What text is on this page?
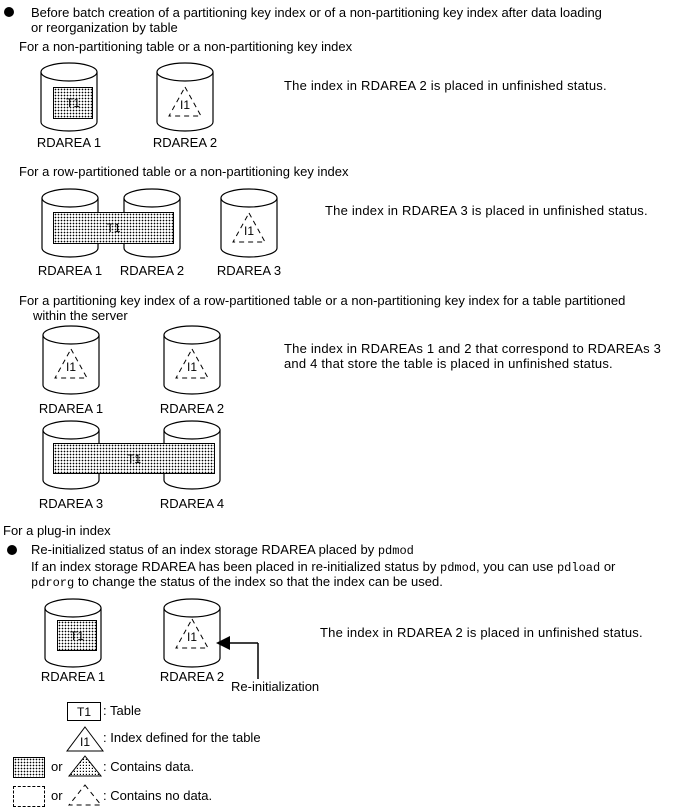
Before batch creation of a partitioning key index or of a non-partitioning key index after data loading
or reorganization by table
For a non-partitioning table or a non-partitioning key index
T1	I1
RDAREA 1	RDAREA 2
The index in RDAREA 2 is placed in unfinished status.
For a row-partitioned table or a non-partitioning key index
T1	I1
RDAREA 1 RDAREA 2	RDAREA 3
The index in RDAREA 3 is placed in unfinished status.
For a partitioning key index of a row-partitioned table or a non-partitioning key index for a table partitioned
within the server
I1	I1
RDAREA 1	RDAREA 2
The index in RDAREAs 1 and 2 that correspond to RDAREAs 3
and 4 that store the table is placed in unfinished status.
T1
RDAREA 3	RDAREA 4
For a plug-in index
Re-initialized status of an index storage RDAREA placed by pdmod
If an index storage RDAREA has been placed in re-initialized status by pdmod, you can use pdload or
pdrorg to change the status of the index so that the index can be used.
T1	I1
RDAREA 1	RDAREA 2
Re-initialization
The index in RDAREA 2 is placed in unfinished status.
T1 : Table
I1	: Index defined for the table
or	: Contains data.
or	: Contains no data.
